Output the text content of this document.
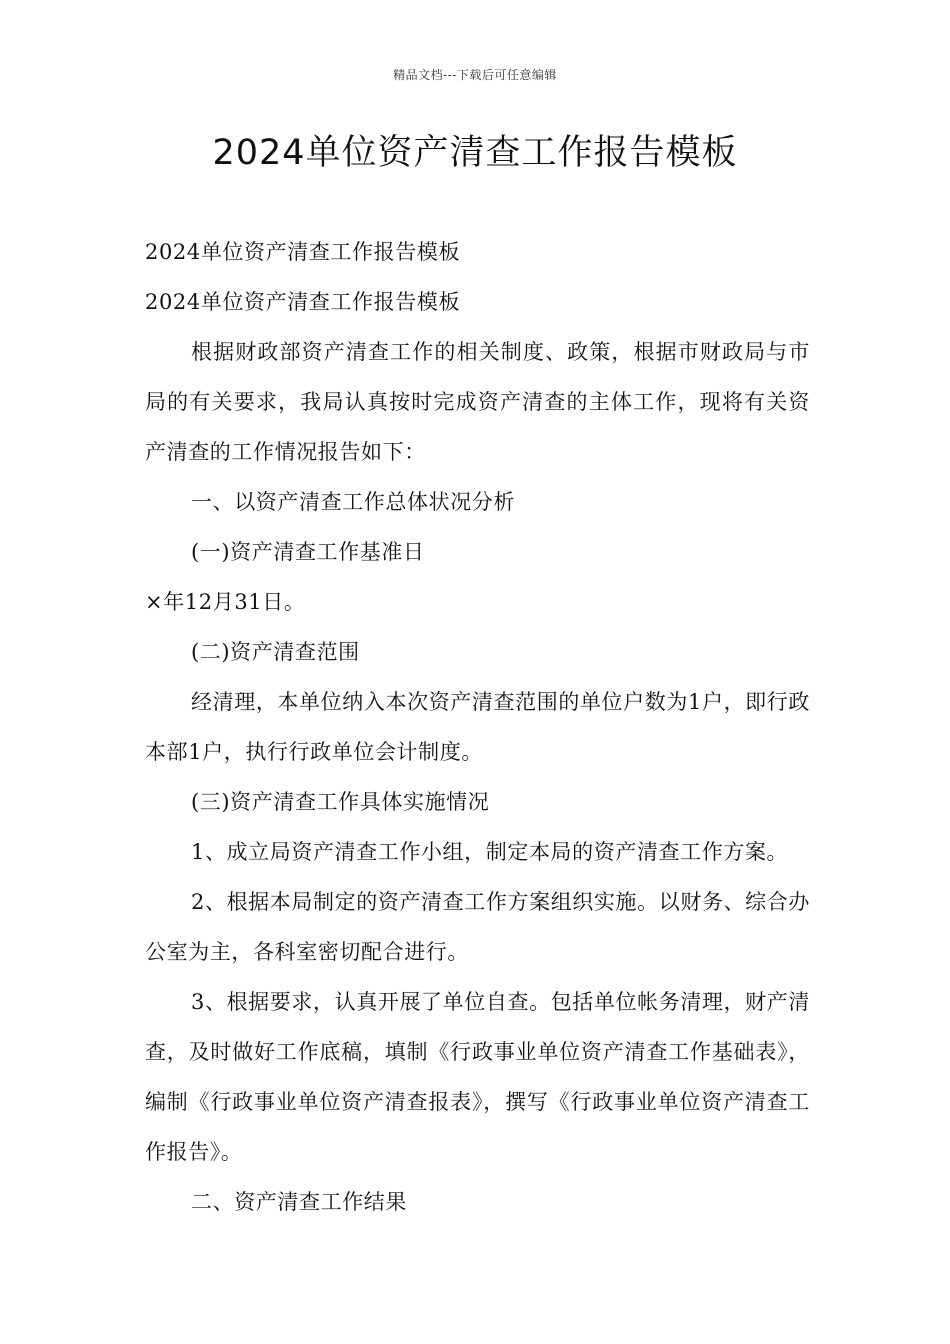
精品文档---下载后可任意编辑
2024单位资产清查工作报告模板

2024单位资产清查工作报告模板

2024单位资产清查工作报告模板

根据财政部资产清查工作的相关制度、政策，根据市财政局与市局的有关要求，我局认真按时完成资产清查的主体工作，现将有关资产清查的工作情况报告如下：

一、以资产清查工作总体状况分析

(一)资产清查工作基准日

×年12月31日。

(二)资产清查范围

经清理，本单位纳入本次资产清查范围的单位户数为1户，即行政本部1户，执行行政单位会计制度。

(三)资产清查工作具体实施情况

1、成立局资产清查工作小组，制定本局的资产清查工作方案。

2、根据本局制定的资产清查工作方案组织实施。以财务、综合办公室为主，各科室密切配合进行。

3、根据要求，认真开展了单位自查。包括单位帐务清理，财产清查，及时做好工作底稿，填制《行政事业单位资产清查工作基础表》，编制《行政事业单位资产清查报表》，撰写《行政事业单位资产清查工作报告》。

二、资产清查工作结果
